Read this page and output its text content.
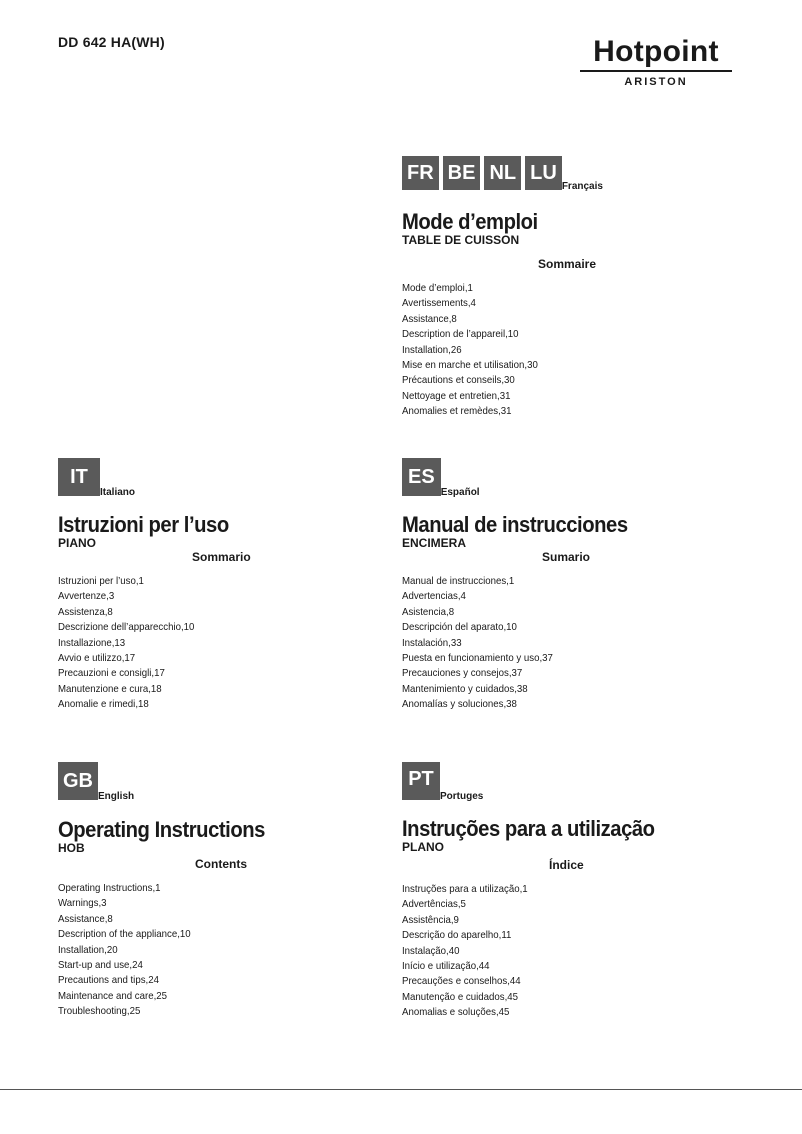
DD 642 HA(WH)	Hotpoint
ARISTON
FR BE NL LU
Français
Mode d’emploi
TABLE DE CUISSON
Sommaire
Mode d’emploi,1
Avertissements,4
Assistance,8
Description de l’appareil,10
Installation,26
Mise en marche et utilisation,30
Précautions et conseils,30
Nettoyage et entretien,31
Anomalies et remèdes,31
IT
Italiano
Istruzioni per l’uso
PIANO
Sommario
Istruzioni per l’uso,1
Avvertenze,3
Assistenza,8
Descrizione dell’apparecchio,10
Installazione,13
Avvio e utilizzo,17
Precauzioni e consigli,17
Manutenzione e cura,18
Anomalie e rimedi,18
ES
Español
Manual de instrucciones
ENCIMERA
Sumario
Manual de instrucciones,1
Advertencias,4
Asistencia,8
Descripción del aparato,10
Instalación,33
Puesta en funcionamiento y uso,37
Precauciones y consejos,37
Mantenimiento y cuidados,38
Anomalías y soluciones,38
GB
English
Operating Instructions
HOB
Contents
Operating Instructions,1
Warnings,3
Assistance,8
Description of the appliance,10
Installation,20
Start-up and use,24
Precautions and tips,24
Maintenance and care,25
Troubleshooting,25
PT
Portuges
Instruções para a utilização
PLANO
Índice
Instruções para a utilização,1
Advertências,5
Assistência,9
Descrição do aparelho,11
Instalação,40
Início e utilização,44
Precauções e conselhos,44
Manutenção e cuidados,45
Anomalias e soluções,45
